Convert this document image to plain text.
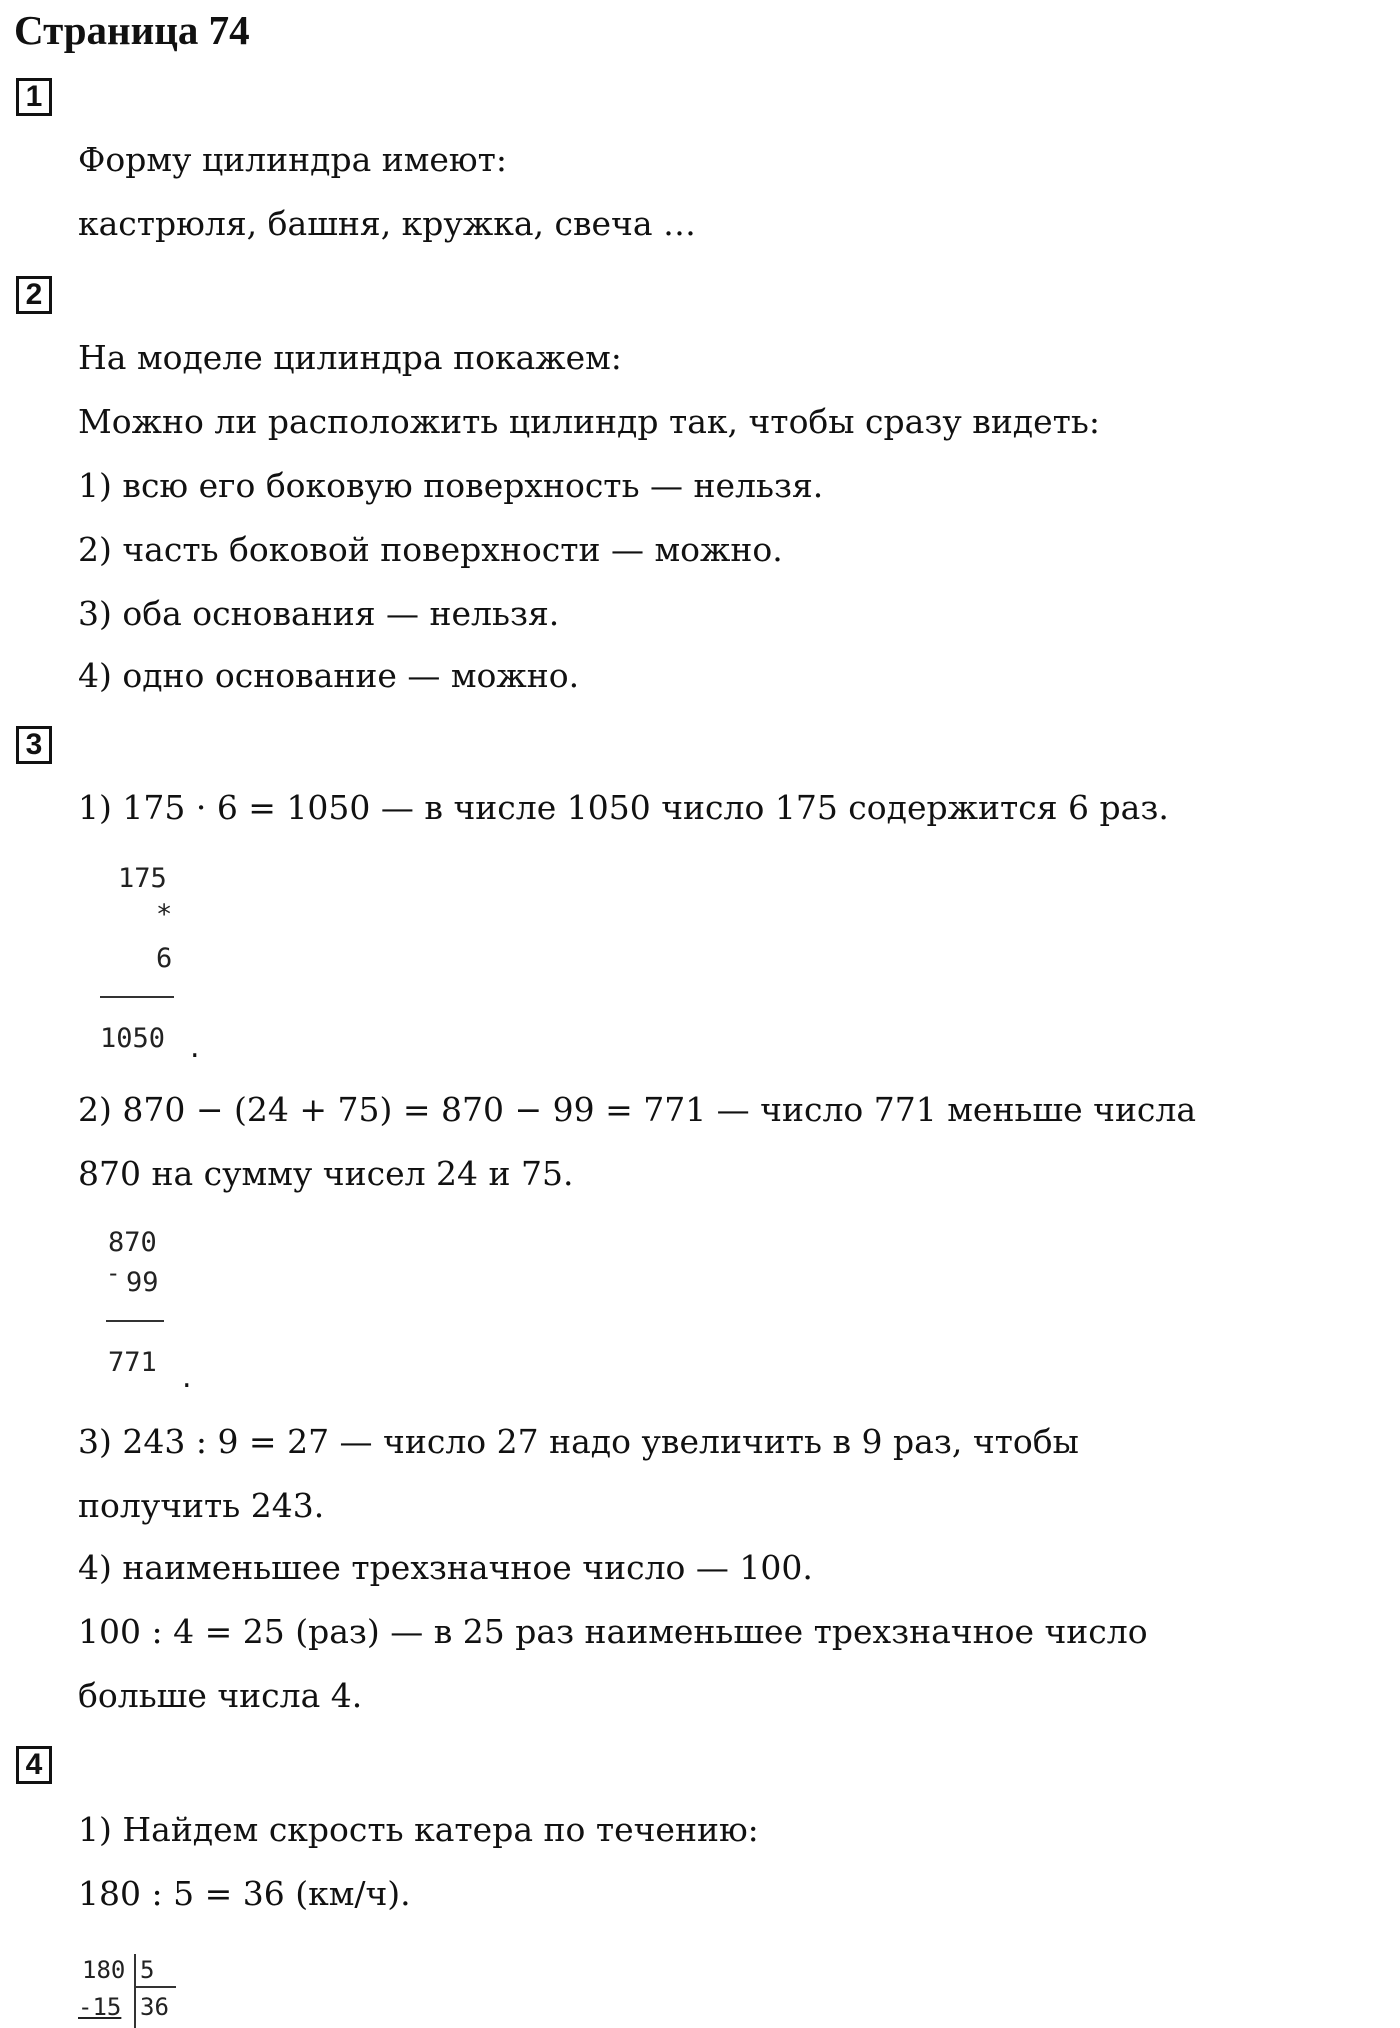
Страница 74
1
Форму цилиндра имеют:
кастрюля, башня, кружка, свеча …
2
На моделе цилиндра покажем:
Можно ли расположить цилиндр так, чтобы сразу видеть:
1) всю его боковую поверхность — нельзя.
2) часть боковой поверхности — можно.
3) оба основания — нельзя.
4) одно основание — можно.
3
1) 175 · 6 = 1050 — в числе 1050 число 175 содержится 6 раз.
175
*
6
1050 .
2) 870 − (24 + 75) = 870 − 99 = 771 — число 771 меньше числа
870 на сумму чисел 24 и 75.
870
- 99
771 .
3) 243 : 9 = 27 — число 27 надо увеличить в 9 раз, чтобы
получить 243.
4) наименьшее трехзначное число — 100.
100 : 4 = 25 (раз) — в 25 раз наименьшее трехзначное число
больше числа 4.
4
1) Найдем скрость катера по течению:
180 : 5 = 36 (км/ч).
180 5
-15 36
